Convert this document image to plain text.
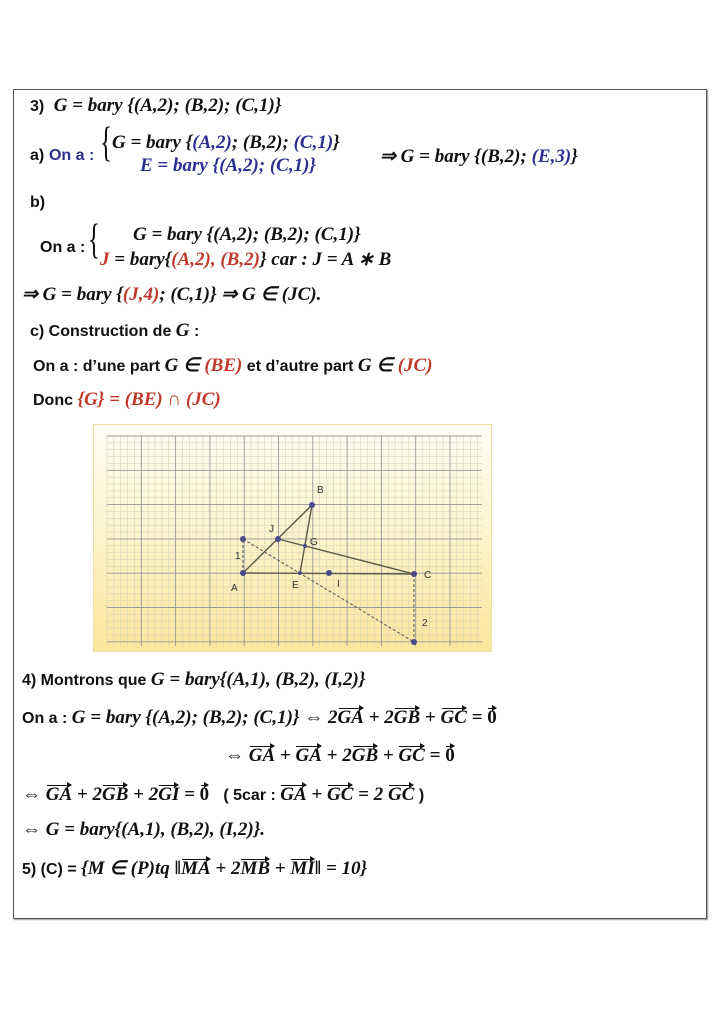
3) G = bary {(A,2); (B,2); (C,1)}
a) On a : { G = bary {(A,2); (B,2); (C,1)}
E = bary {(A,2); (C,1)}	⇒ G = bary {(B,2); (E,3)}
b)
On a : { G = bary {(A,2); (B,2); (C,1)}
J = bary{(A,2), (B,2)} car : J = A ∗ B
⇒ G = bary {(J,4); (C,1)} ⇒ G ∈ (JC).
c) Construction de G :
On a : d’une part G ∈ (BE) et d’autre part G ∈ (JC)
Donc {G} = (BE) ∩ (JC)
A
B
C
J
E	I
G
1
2
4) Montrons que G = bary{(A,1), (B,2), (I,2)}
On a : G = bary {(A,2); (B,2); (C,1)} ⇔ 2GA + 2GB + GC = 0
⇔ GA + GA + 2GB + GC = 0
⇔ GA + 2GB + 2GI = 0 ( 5car : GA + GC = 2 GC )
⇔ G = bary{(A,1), (B,2), (I,2)}.
5) (C) = {M ∈ (P)tq ‖MA + 2MB + MI‖ = 10}
